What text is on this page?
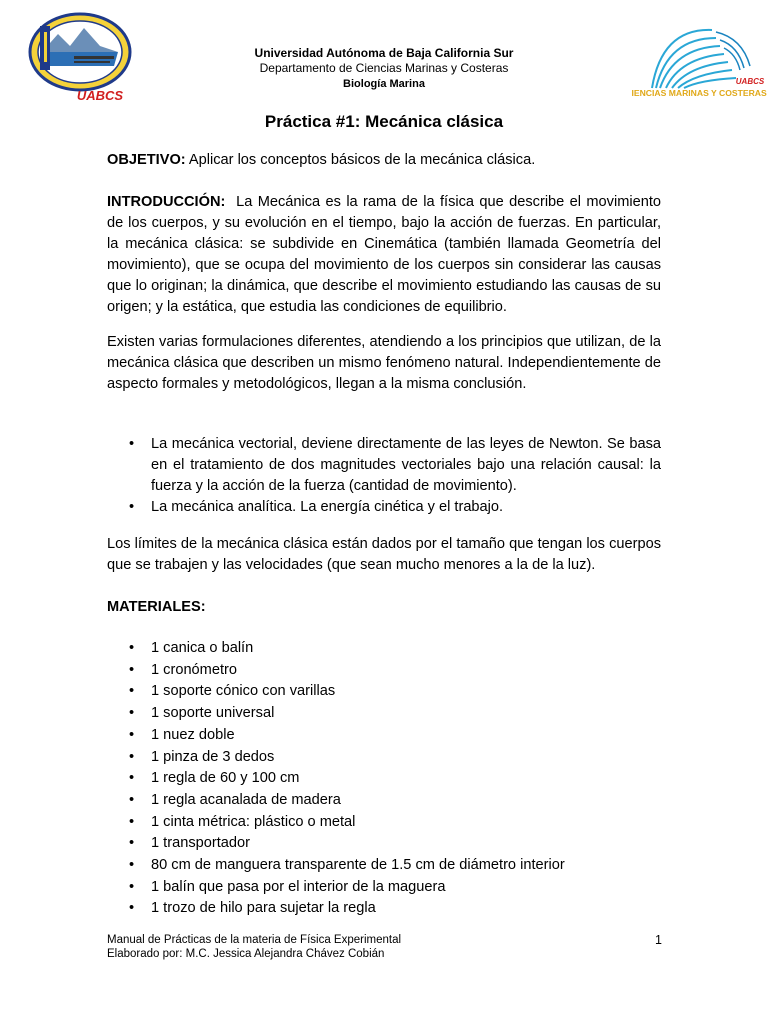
UABCS
UABCS
CIENCIAS MARINAS Y COSTERAS
Universidad Autónoma de Baja California Sur
Departamento de Ciencias Marinas y Costeras
Biología Marina
Práctica #1: Mecánica clásica
OBJETIVO: Aplicar los conceptos básicos de la mecánica clásica.
INTRODUCCIÓN:  La Mecánica es la rama de la física que describe el movimiento de los cuerpos, y su evolución en el tiempo, bajo la acción de fuerzas. En particular, la mecánica clásica: se subdivide en Cinemática (también llamada Geometría del movimiento), que se ocupa del movimiento de los cuerpos sin considerar las causas que lo originan; la dinámica, que describe el movimiento estudiando las causas de su origen; y la estática, que estudia las condiciones de equilibrio.
Existen varias formulaciones diferentes, atendiendo a los principios que utilizan, de la mecánica clásica que describen un mismo fenómeno natural. Independientemente de aspecto formales y metodológicos, llegan a la misma conclusión.
• La mecánica vectorial, deviene directamente de las leyes de Newton. Se basa en el tratamiento de dos magnitudes vectoriales bajo una relación causal: la fuerza y la acción de la fuerza (cantidad de movimiento).
• La mecánica analítica. La energía cinética y el trabajo.
Los límites de la mecánica clásica están dados por el tamaño que tengan los cuerpos que se trabajen y las velocidades (que sean mucho menores a la de la luz).
MATERIALES:
• 1 canica o balín
• 1 cronómetro
• 1 soporte cónico con varillas
• 1 soporte universal
• 1 nuez doble
• 1 pinza de 3 dedos
• 1 regla de 60 y 100 cm
• 1 regla acanalada de madera
• 1 cinta métrica: plástico o metal
• 1 transportador
• 80 cm de manguera transparente de 1.5 cm de diámetro interior
• 1 balín que pasa por el interior de la maguera
• 1 trozo de hilo para sujetar la regla
Manual de Prácticas de la materia de Física Experimental
Elaborado por: M.C. Jessica Alejandra Chávez Cobián
1
